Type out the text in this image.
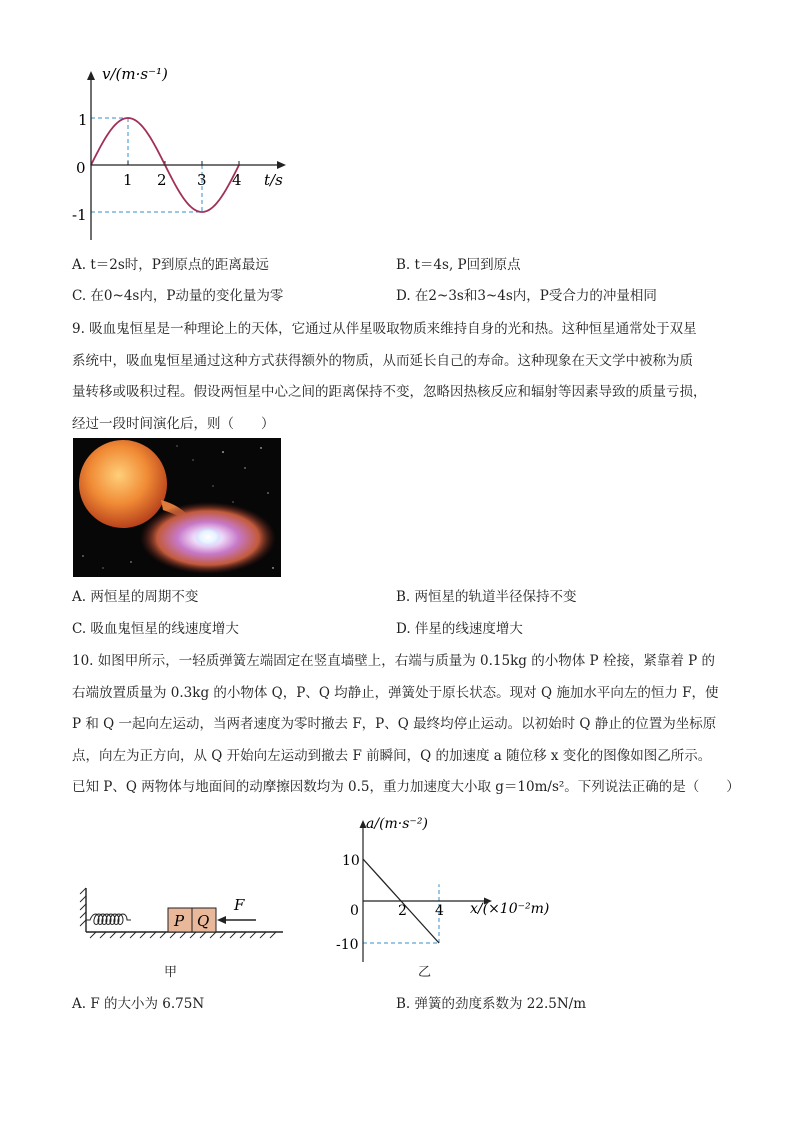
v/(m·s⁻¹)
t/s
0
1
-1
1 2 3 4
A. t＝2s时，P到原点的距离最远	B. t＝4s, P回到原点
C. 在0~4s内，P动量的变化量为零	D. 在2~3s和3~4s内，P受合力的冲量相同
9. 吸血鬼恒星是一种理论上的天体，它通过从伴星吸取物质来维持自身的光和热。这种恒星通常处于双星
系统中，吸血鬼恒星通过这种方式获得额外的物质，从而延长自己的寿命。这种现象在天文学中被称为质
量转移或吸积过程。假设两恒星中心之间的距离保持不变，忽略因热核反应和辐射等因素导致的质量亏损，
经过一段时间演化后，则（　　）
A. 两恒星的周期不变	B. 两恒星的轨道半径保持不变
C. 吸血鬼恒星的线速度增大	D. 伴星的线速度增大
10. 如图甲所示，一轻质弹簧左端固定在竖直墙壁上，右端与质量为 0.15kg 的小物体 P 栓接，紧靠着 P 的
右端放置质量为 0.3kg 的小物体 Q，P、Q 均静止，弹簧处于原长状态。现对 Q 施加水平向左的恒力 F，使
P 和 Q 一起向左运动，当两者速度为零时撤去 F，P、Q 最终均停止运动。以初始时 Q 静止的位置为坐标原
点，向左为正方向，从 Q 开始向左运动到撤去 F 前瞬间，Q 的加速度 a 随位移 x 变化的图像如图乙所示。
已知 P、Q 两物体与地面间的动摩擦因数均为 0.5，重力加速度大小取 g＝10m/s²。下列说法正确的是（　　）
P Q
F
甲
a/(m·s⁻²)
x/(×10⁻²m)
0
10
-10
2 4
乙
A. F 的大小为 6.75N	B. 弹簧的劲度系数为 22.5N/m
